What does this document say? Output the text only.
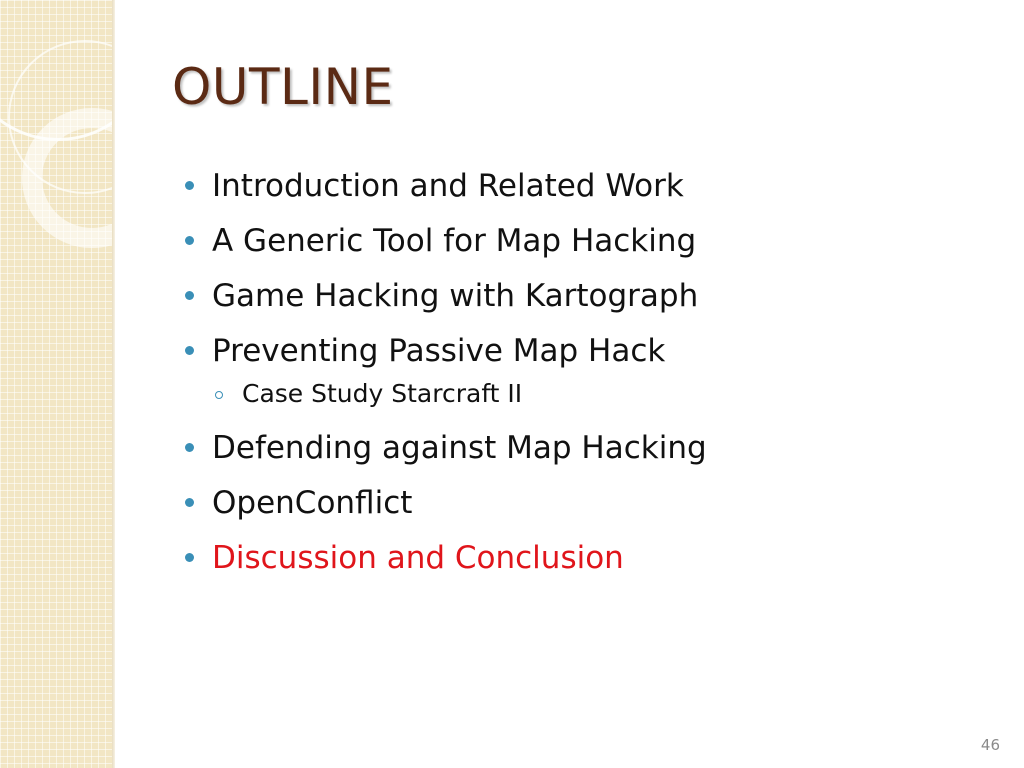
OUTLINE
Introduction and Related Work
A Generic Tool for Map Hacking
Game Hacking with Kartograph
Preventing Passive Map Hack
Case Study Starcraft II
Defending against Map Hacking
OpenConflict
Discussion and Conclusion
46
